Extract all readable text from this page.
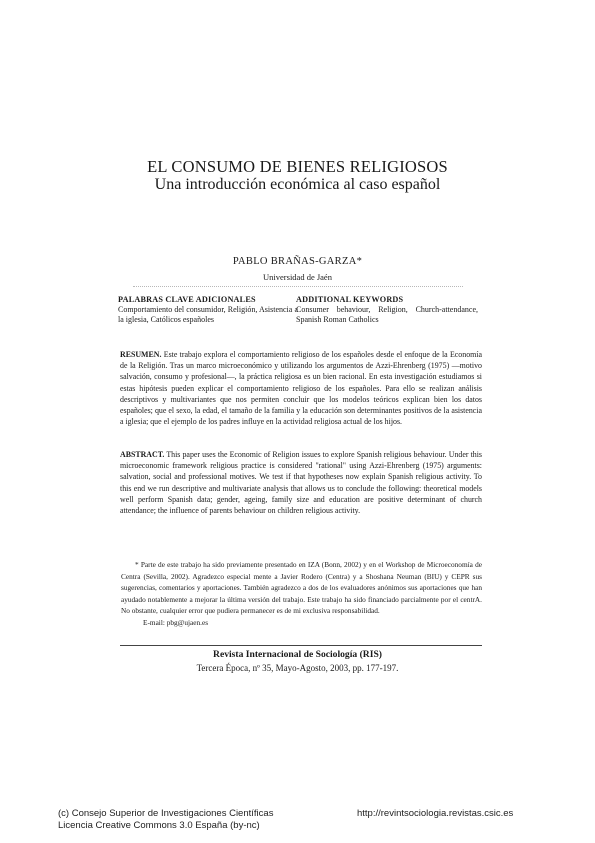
EL CONSUMO DE BIENES RELIGIOSOS
Una introducción económica al caso español
PABLO BRAÑAS-GARZA*
Universidad de Jaén
PALABRAS CLAVE ADICIONALES
Comportamiento del consumidor, Religión, Asistencia a la iglesia, Católicos españoles
ADDITIONAL KEYWORDS
Consumer behaviour, Religion, Church-attendance, Spanish Roman Catholics
RESUMEN. Este trabajo explora el comportamiento religioso de los españoles desde el enfoque de la Economía de la Religión. Tras un marco microeconómico y utilizando los argumentos de Azzi-Ehrenberg (1975) —motivo salvación, consumo y profesional—, la práctica religiosa es un bien racional. En esta investigación estudiamos si estas hipótesis pueden explicar el comportamiento religioso de los españoles. Para ello se realizan análisis descriptivos y multivariantes que nos permiten concluir que los modelos teóricos explican bien los datos españoles; que el sexo, la edad, el tamaño de la familia y la educación son determinantes positivos de la asistencia a iglesia; que el ejemplo de los padres influye en la actividad religiosa actual de los hijos.
ABSTRACT. This paper uses the Economic of Religion issues to explore Spanish religious behaviour. Under this microeconomic framework religious practice is considered "rational" using Azzi-Ehrenberg (1975) arguments: salvation, social and professional motives. We test if that hypotheses now explain Spanish religious activity. To this end we run descriptive and multivariate analysis that allows us to conclude the following: theoretical models well perform Spanish data; gender, ageing, family size and education are positive determinant of church attendance; the influence of parents behaviour on children religious activity.
* Parte de este trabajo ha sido previamente presentado en IZA (Bonn, 2002) y en el Workshop de Microeconomía de Centra (Sevilla, 2002). Agradezco especial mente a Javier Rodero (Centra) y a Shoshana Neuman (BIU) y CEPR sus sugerencias, comentarios y aportaciones. También agradezco a dos de los evaluadores anónimos sus aportaciones que han ayudado notablemente a mejorar la última versión del trabajo. Este trabajo ha sido financiado parcialmente por el centrA. No obstante, cualquier error que pudiera permanecer es de mi exclusiva responsabilidad.
E-mail: pbg@ujaen.es
Revista Internacional de Sociología (RIS)
Tercera Época, nº 35, Mayo-Agosto, 2003, pp. 177-197.
(c) Consejo Superior de Investigaciones Científicas
Licencia Creative Commons 3.0 España (by-nc)
http://revintsociologia.revistas.csic.es
